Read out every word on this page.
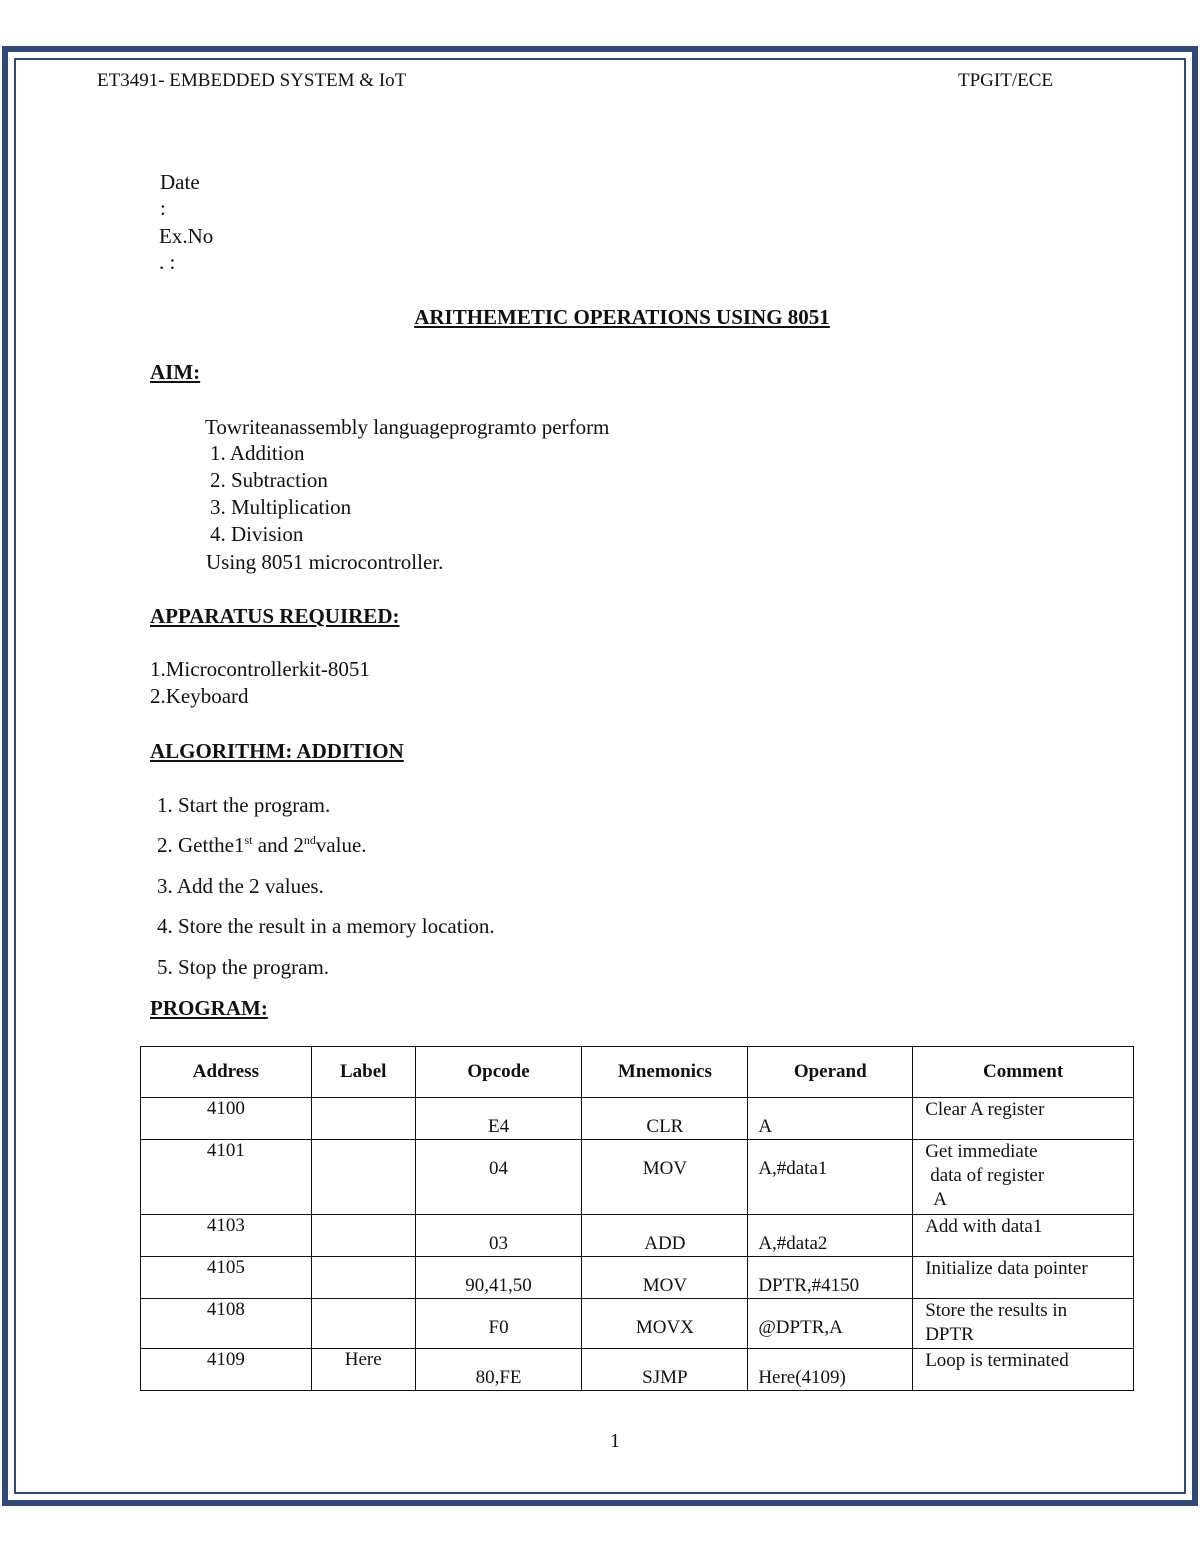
ET3491- EMBEDDED SYSTEM & IoT	TPGIT/ECE
Date
:
Ex.No
. :
ARITHEMETIC OPERATIONS USING 8051
AIM:
Towriteanassembly languageprogramto perform
1. Addition
2. Subtraction
3. Multiplication
4. Division
Using 8051 microcontroller.
APPARATUS REQUIRED:
1.Microcontrollerkit-8051
2.Keyboard
ALGORITHM: ADDITION
1. Start the program.
2. Getthe1st and 2ndvalue.
3. Add the 2 values.
4. Store the result in a memory location.
5. Stop the program.
PROGRAM:
Address	Label	Opcode	Mnemonics	Operand	Comment

4100		E4	CLR	A	Clear A register

4101		04	MOV	A,#data1	Get immediate
data of register
A

4103		03	ADD	A,#data2	Add with data1

4105		90,41,50	MOV	DPTR,#4150	Initialize data pointer

4108		F0	MOVX	@DPTR,A	Store the results in
DPTR

4109	Here	80,FE	SJMP	Here(4109)	Loop is terminated
1
